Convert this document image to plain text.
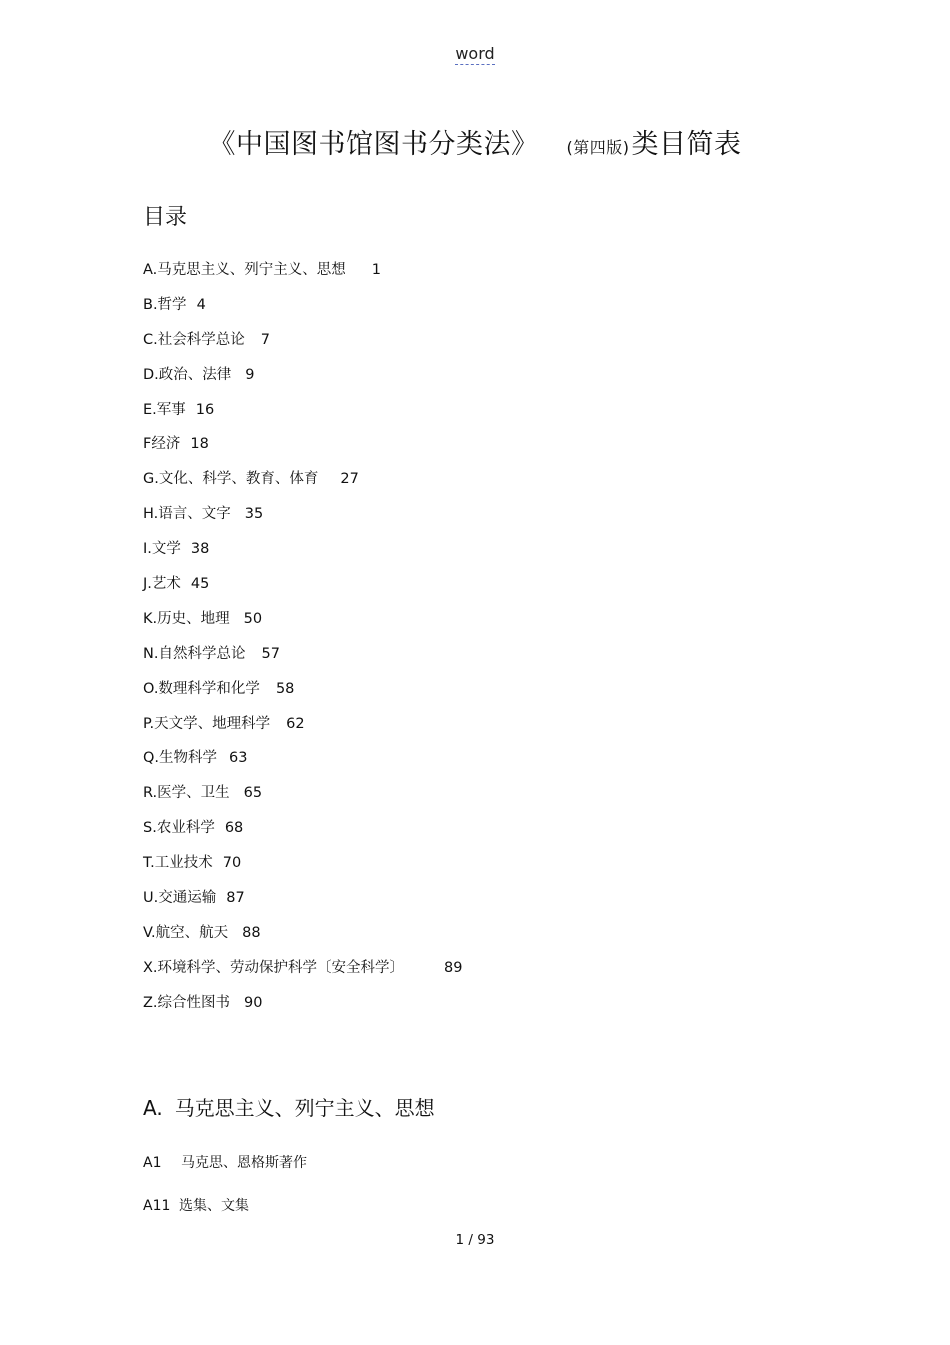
word
《中国图书馆图书分类法》 (第四版)类目简表
目录
A.马克思主义、列宁主义、思想 1
B.哲学 4
C.社会科学总论 7
D.政治、法律 9
E.军事 16
F经济 18
G.文化、科学、教育、体育 27
H.语言、文字 35
I.文学 38
J.艺术 45
K.历史、地理 50
N.自然科学总论 57
O.数理科学和化学 58
P.天文学、地理科学 62
Q.生物科学 63
R.医学、卫生 65
S.农业科学 68
T.工业技术 70
U.交通运输 87
V.航空、航天 88
X.环境科学、劳动保护科学〔安全科学〕	89
Z.综合性图书 90
A. 马克思主义、列宁主义、思想
A1 马克思、恩格斯著作
A11 选集、文集
1 / 93
